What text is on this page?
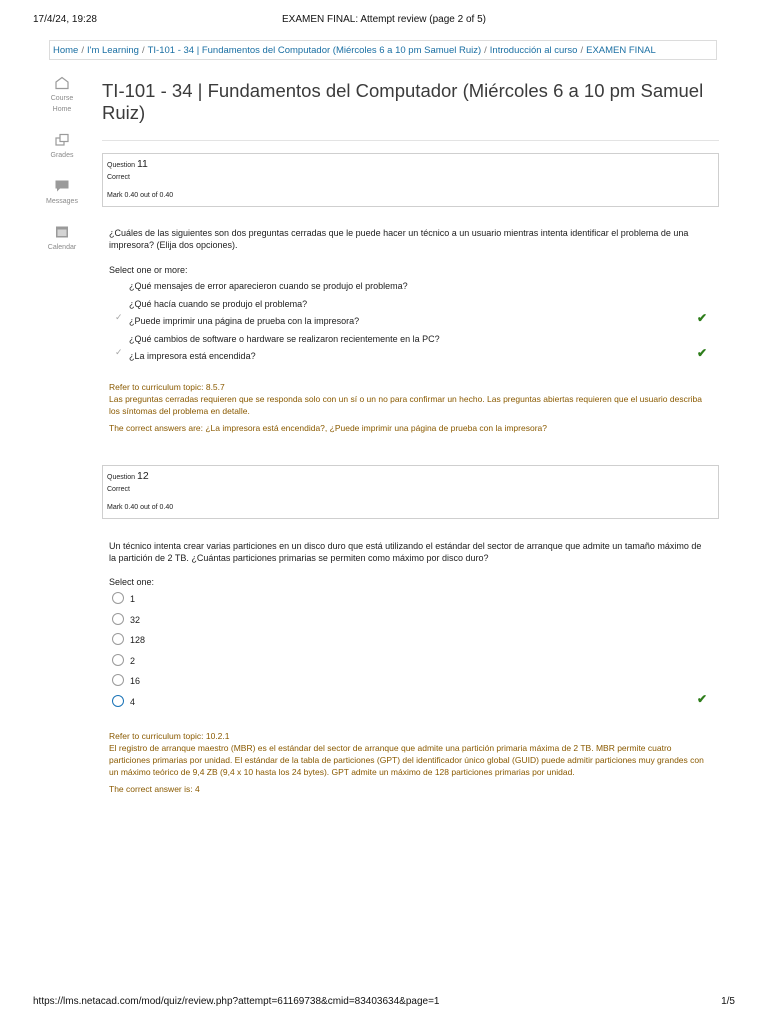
17/4/24, 19:28	EXAMEN FINAL: Attempt review (page 2 of 5)
Home / I'm Learning / TI-101 - 34 | Fundamentos del Computador (Miércoles 6 a 10 pm Samuel Ruiz) / Introducción al curso / EXAMEN FINAL
Course
Home
Grades
Messages
Calendar
TI-101 - 34 | Fundamentos del Computador (Miércoles 6 a 10 pm Samuel Ruiz)
Question 11
Correct
Mark 0.40 out of 0.40
¿Cuáles de las siguientes son dos preguntas cerradas que le puede hacer un técnico a un usuario mientras intenta identificar el problema de una impresora? (Elija dos opciones).
Select one or more:
¿Qué mensajes de error aparecieron cuando se produjo el problema?
¿Qué hacía cuando se produjo el problema?
✓ ¿Puede imprimir una página de prueba con la impresora?	✔
¿Qué cambios de software o hardware se realizaron recientemente en la PC?
✓ ¿La impresora está encendida?	✔
Refer to curriculum topic: 8.5.7
Las preguntas cerradas requieren que se responda solo con un sí o un no para confirmar un hecho. Las preguntas abiertas requieren que el usuario describa los síntomas del problema en detalle.
The correct answers are: ¿La impresora está encendida?, ¿Puede imprimir una página de prueba con la impresora?
Question 12
Correct
Mark 0.40 out of 0.40
Un técnico intenta crear varias particiones en un disco duro que está utilizando el estándar del sector de arranque que admite un tamaño máximo de la partición de 2 TB. ¿Cuántas particiones primarias se permiten como máximo por disco duro?
Select one:
1
32
128
2
16
4	✔
Refer to curriculum topic: 10.2.1
El registro de arranque maestro (MBR) es el estándar del sector de arranque que admite una partición primaria máxima de 2 TB. MBR permite cuatro particiones primarias por unidad. El estándar de la tabla de particiones (GPT) del identificador único global (GUID) puede admitir particiones muy grandes con un máximo teórico de 9,4 ZB (9,4 x 10 hasta los 24 bytes). GPT admite un máximo de 128 particiones primarias por unidad.
The correct answer is: 4
https://lms.netacad.com/mod/quiz/review.php?attempt=61169738&cmid=83403634&page=1	1/5
